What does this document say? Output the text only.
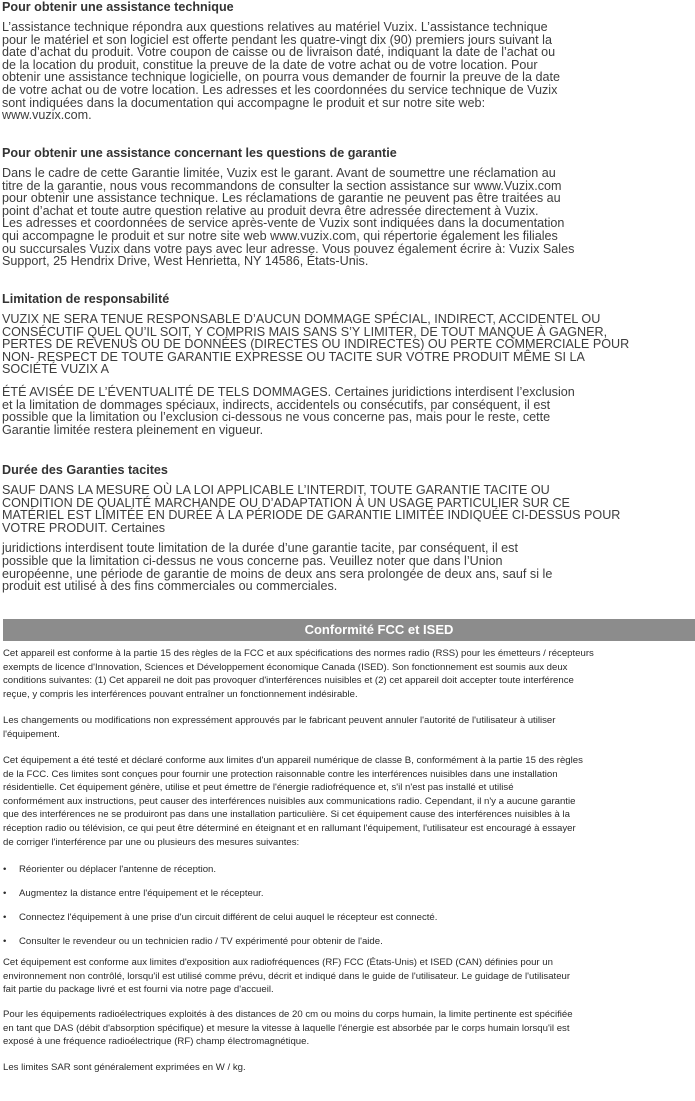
Pour obtenir une assistance technique
L’assistance technique répondra aux questions relatives au matériel Vuzix. L’assistance technique
pour le matériel et son logiciel est offerte pendant les quatre-vingt dix (90) premiers jours suivant la
date d’achat du produit. Votre coupon de caisse ou de livraison daté, indiquant la date de l’achat ou
de la location du produit, constitue la preuve de la date de votre achat ou de votre location. Pour
obtenir une assistance technique logicielle, on pourra vous demander de fournir la preuve de la date
de votre achat ou de votre location. Les adresses et les coordonnées du service technique de Vuzix
sont indiquées dans la documentation qui accompagne le produit et sur notre site web:
www.vuzix.com.
Pour obtenir une assistance concernant les questions de garantie
Dans le cadre de cette Garantie limitée, Vuzix est le garant. Avant de soumettre une réclamation au
titre de la garantie, nous vous recommandons de consulter la section assistance sur www.Vuzix.com
pour obtenir une assistance technique. Les réclamations de garantie ne peuvent pas être traitées au
point d’achat et toute autre question relative au produit devra être adressée directement à Vuzix.
Les adresses et coordonnées de service après-vente de Vuzix sont indiquées dans la documentation
qui accompagne le produit et sur notre site web www.vuzix.com, qui répertorie également les filiales
ou succursales Vuzix dans votre pays avec leur adresse. Vous pouvez également écrire à: Vuzix Sales
Support, 25 Hendrix Drive, West Henrietta, NY 14586, États-Unis.
Limitation de responsabilité
VUZIX NE SERA TENUE RESPONSABLE D’AUCUN DOMMAGE SPÉCIAL, INDIRECT, ACCIDENTEL OU
CONSÉCUTIF QUEL QU’IL SOIT, Y COMPRIS MAIS SANS S’Y LIMITER, DE TOUT MANQUE À GAGNER,
PERTES DE REVENUS OU DE DONNÉES (DIRECTES OU INDIRECTES) OU PERTE COMMERCIALE POUR
NON- RESPECT DE TOUTE GARANTIE EXPRESSE OU TACITE SUR VOTRE PRODUIT MÊME SI LA
SOCIÉTÉ VUZIX A
ÉTÉ AVISÉE DE L’ÉVENTUALITÉ DE TELS DOMMAGES. Certaines juridictions interdisent l’exclusion
et la limitation de dommages spéciaux, indirects, accidentels ou consécutifs, par conséquent, il est
possible que la limitation ou l’exclusion ci-dessous ne vous concerne pas, mais pour le reste, cette
Garantie limitée restera pleinement en vigueur.
Durée des Garanties tacites
SAUF DANS LA MESURE OÙ LA LOI APPLICABLE L’INTERDIT, TOUTE GARANTIE TACITE OU
CONDITION DE QUALITÉ MARCHANDE OU D’ADAPTATION À UN USAGE PARTICULIER SUR CE
MATÉRIEL EST LIMITÉE EN DURÉE À LA PÉRIODE DE GARANTIE LIMITÉE INDIQUÉE CI-DESSUS POUR
VOTRE PRODUIT. Certaines
juridictions interdisent toute limitation de la durée d’une garantie tacite, par conséquent, il est
possible que la limitation ci-dessus ne vous concerne pas. Veuillez noter que dans l’Union
européenne, une période de garantie de moins de deux ans sera prolongée de deux ans, sauf si le
produit est utilisé à des fins commerciales ou commerciales.
Conformité FCC et ISED
Cet appareil est conforme à la partie 15 des règles de la FCC et aux spécifications des normes radio (RSS) pour les émetteurs / récepteurs
exempts de licence d'Innovation, Sciences et Développement économique Canada (ISED). Son fonctionnement est soumis aux deux
conditions suivantes: (1) Cet appareil ne doit pas provoquer d'interférences nuisibles et (2) cet appareil doit accepter toute interférence
reçue, y compris les interférences pouvant entraîner un fonctionnement indésirable.
Les changements ou modifications non expressément approuvés par le fabricant peuvent annuler l'autorité de l'utilisateur à utiliser
l'équipement.
Cet équipement a été testé et déclaré conforme aux limites d'un appareil numérique de classe B, conformément à la partie 15 des règles
de la FCC. Ces limites sont conçues pour fournir une protection raisonnable contre les interférences nuisibles dans une installation
résidentielle. Cet équipement génère, utilise et peut émettre de l'énergie radiofréquence et, s'il n'est pas installé et utilisé
conformément aux instructions, peut causer des interférences nuisibles aux communications radio. Cependant, il n'y a aucune garantie
que des interférences ne se produiront pas dans une installation particulière. Si cet équipement cause des interférences nuisibles à la
réception radio ou télévision, ce qui peut être déterminé en éteignant et en rallumant l'équipement, l'utilisateur est encouragé à essayer
de corriger l'interférence par une ou plusieurs des mesures suivantes:
• Réorienter ou déplacer l'antenne de réception.
• Augmentez la distance entre l'équipement et le récepteur.
• Connectez l'équipement à une prise d'un circuit différent de celui auquel le récepteur est connecté.
• Consulter le revendeur ou un technicien radio / TV expérimenté pour obtenir de l'aide.
Cet équipement est conforme aux limites d'exposition aux radiofréquences (RF) FCC (États-Unis) et ISED (CAN) définies pour un
environnement non contrôlé, lorsqu'il est utilisé comme prévu, décrit et indiqué dans le guide de l'utilisateur. Le guidage de l'utilisateur
fait partie du package livré et est fourni via notre page d'accueil.
Pour les équipements radioélectriques exploités à des distances de 20 cm ou moins du corps humain, la limite pertinente est spécifiée
en tant que DAS (débit d'absorption spécifique) et mesure la vitesse à laquelle l'énergie est absorbée par le corps humain lorsqu'il est
exposé à une fréquence radioélectrique (RF) champ électromagnétique.
Les limites SAR sont généralement exprimées en W / kg.
